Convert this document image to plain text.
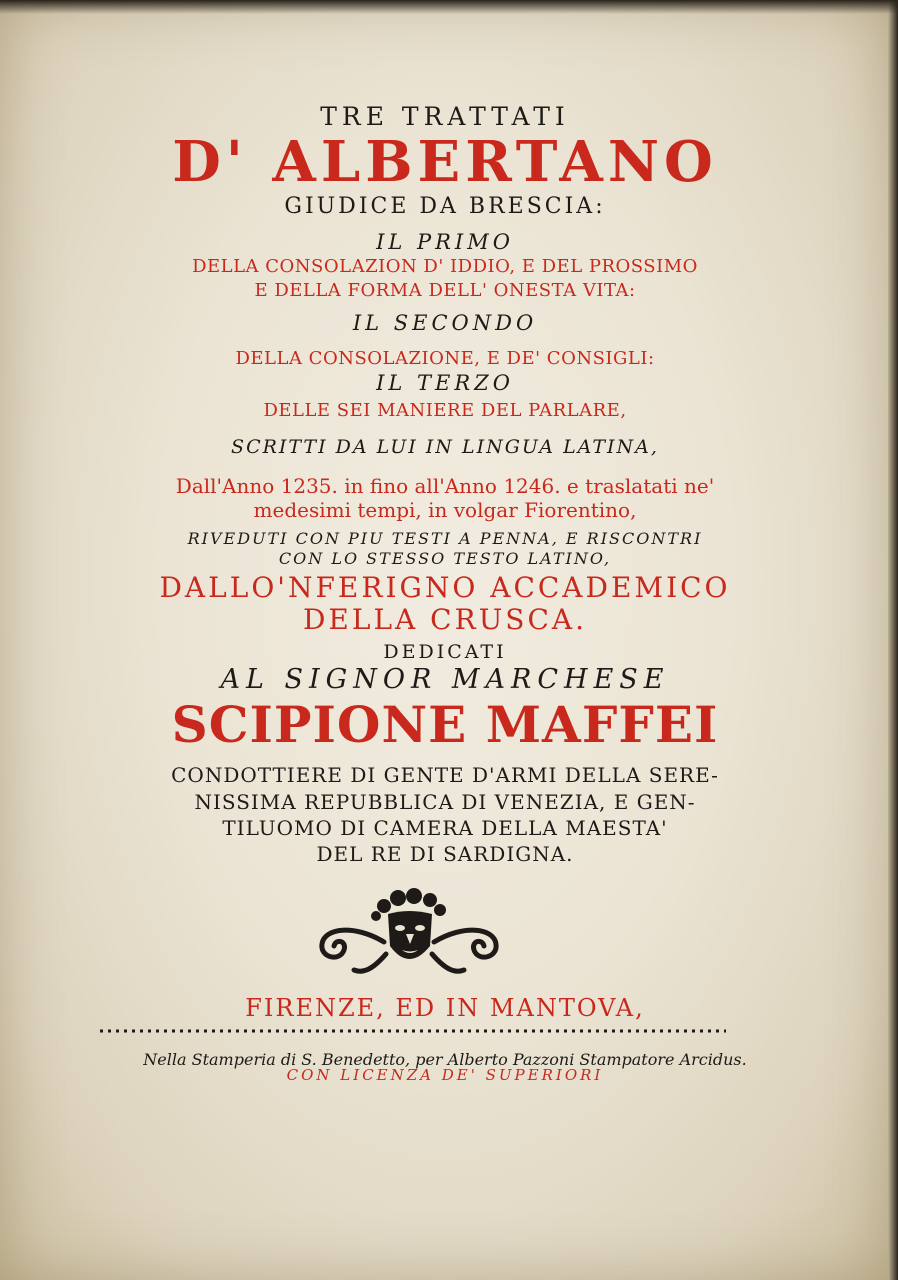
TRE TRATTATI

D' ALBERTANO

GIUDICE DA BRESCIA:

IL PRIMO

DELLA CONSOLAZION D' IDDIO, E DEL PROSSIMO

E DELLA FORMA DELL' ONESTA VITA:

IL SECONDO

DELLA CONSOLAZIONE, E DE' CONSIGLI:

IL TERZO

DELLE SEI MANIERE DEL PARLARE,

SCRITTI DA LUI IN LINGUA LATINA,

Dall'Anno 1235. in fino all'Anno 1246. e traslatati ne'

medesimi tempi, in volgar Fiorentino,

RIVEDUTI CON PIU TESTI A PENNA, E RISCONTRI

CON LO STESSO TESTO LATINO,

DALLO'NFERIGNO ACCADEMICO

DELLA CRUSCA.

DEDICATI

AL SIGNOR MARCHESE

SCIPIONE MAFFEI

CONDOTTIERE DI GENTE D'ARMI DELLA SERE-

NISSIMA REPUBBLICA DI VENEZIA, E GEN-

TILUOMO DI CAMERA DELLA MAESTA'

DEL RE DI SARDIGNA.

FIRENZE, ED IN MANTOVA,

Nella Stamperia di S. Benedetto, per Alberto Pazzoni Stampatore Arcidus.

CON LICENZA DE' SUPERIORI
